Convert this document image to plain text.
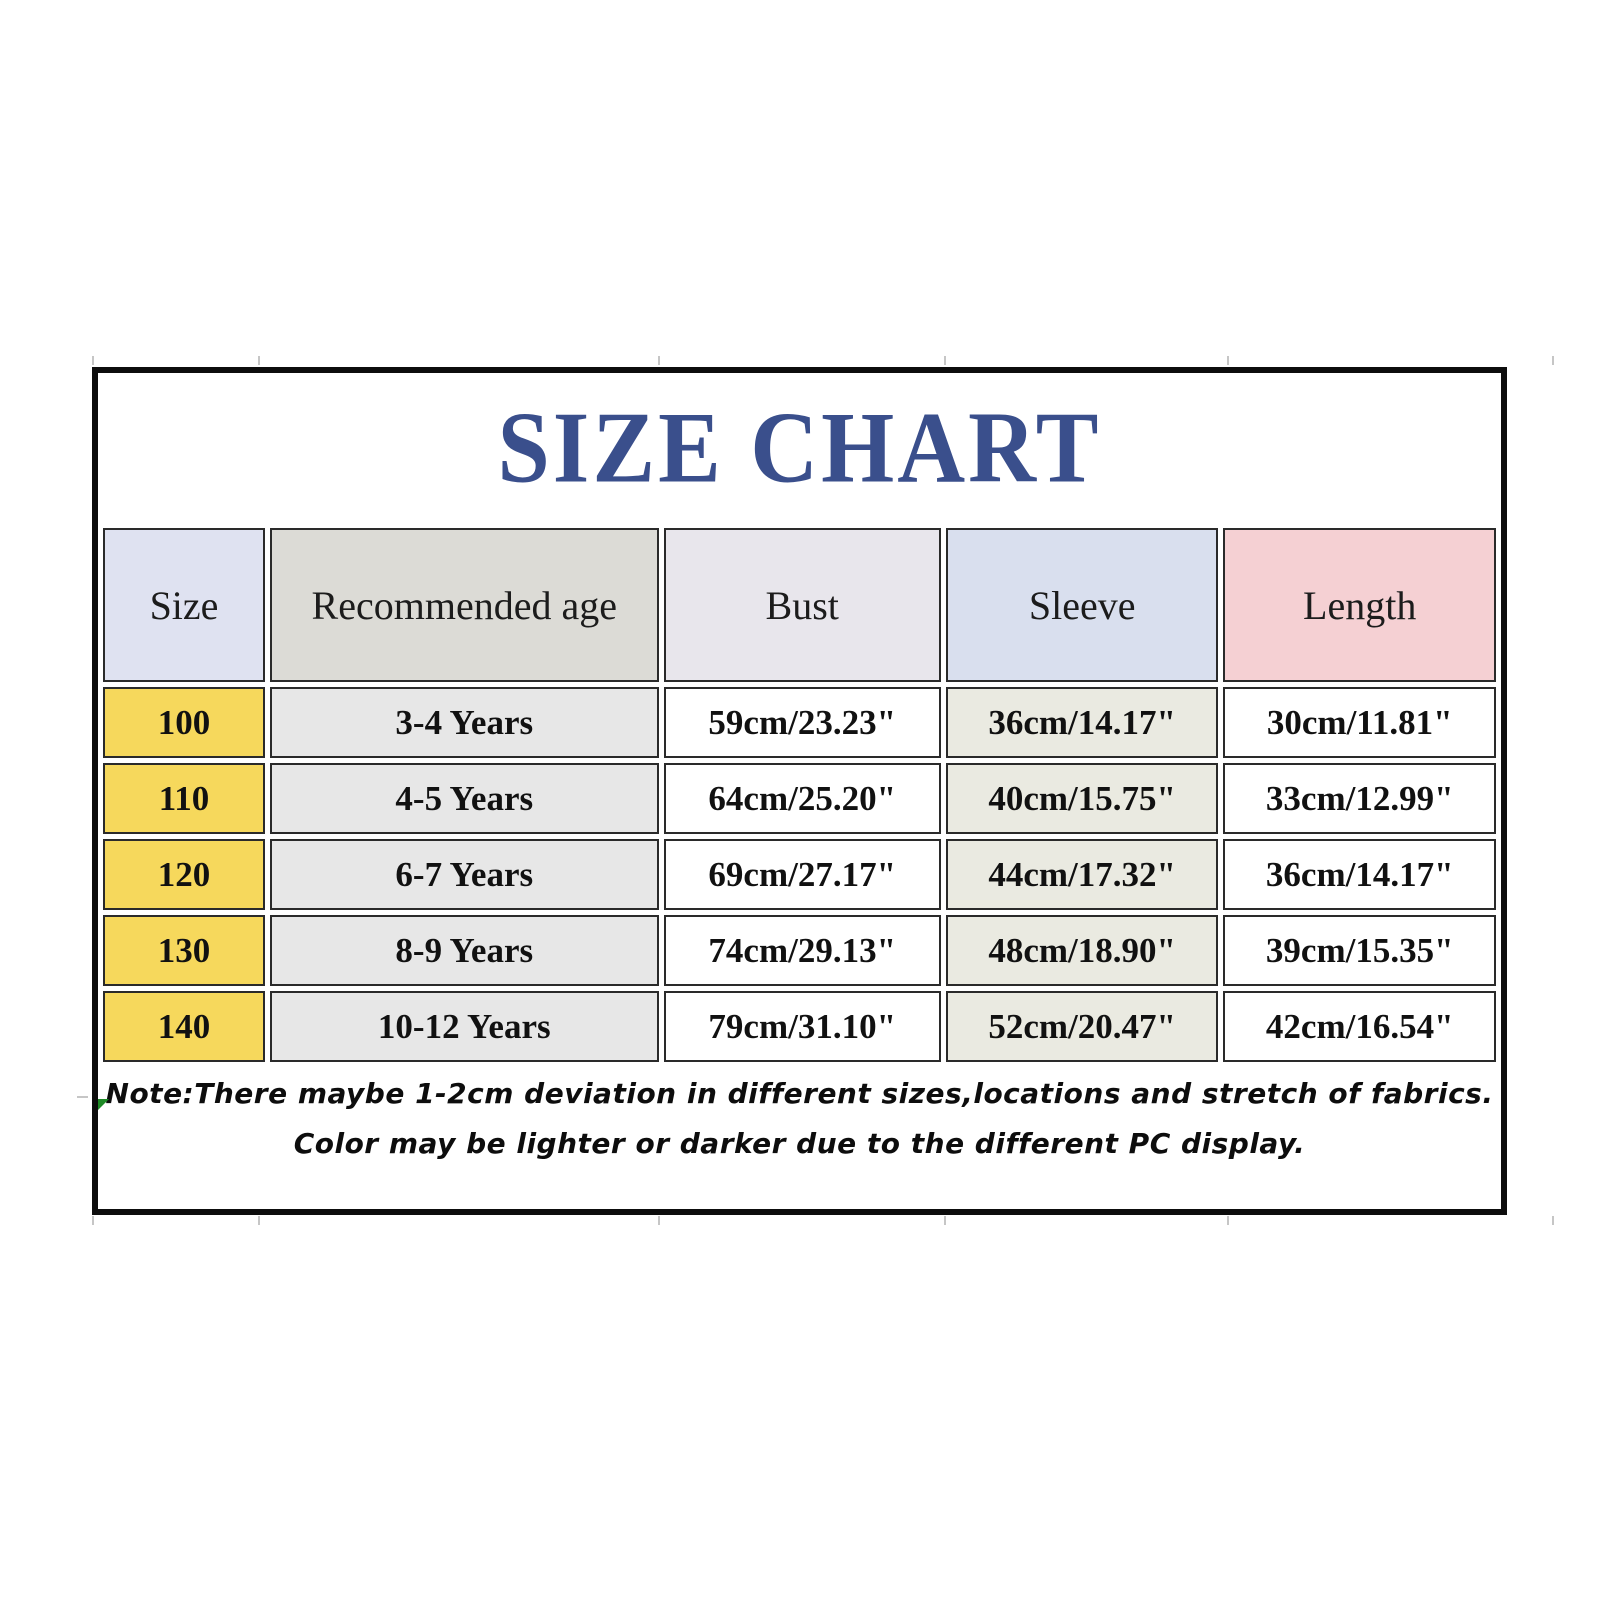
SIZE CHART
Size	Recommended age	Bust	Sleeve	Length
100	3-4 Years	59cm/23.23"	36cm/14.17"	30cm/11.81"
110	4-5 Years	64cm/25.20"	40cm/15.75"	33cm/12.99"
120	6-7 Years	69cm/27.17"	44cm/17.32"	36cm/14.17"
130	8-9 Years	74cm/29.13"	48cm/18.90"	39cm/15.35"
140	10-12 Years	79cm/31.10"	52cm/20.47"	42cm/16.54"
Note:There maybe 1-2cm deviation in different sizes,locations and stretch of fabrics.
Color may be lighter or darker due to the different PC display.
